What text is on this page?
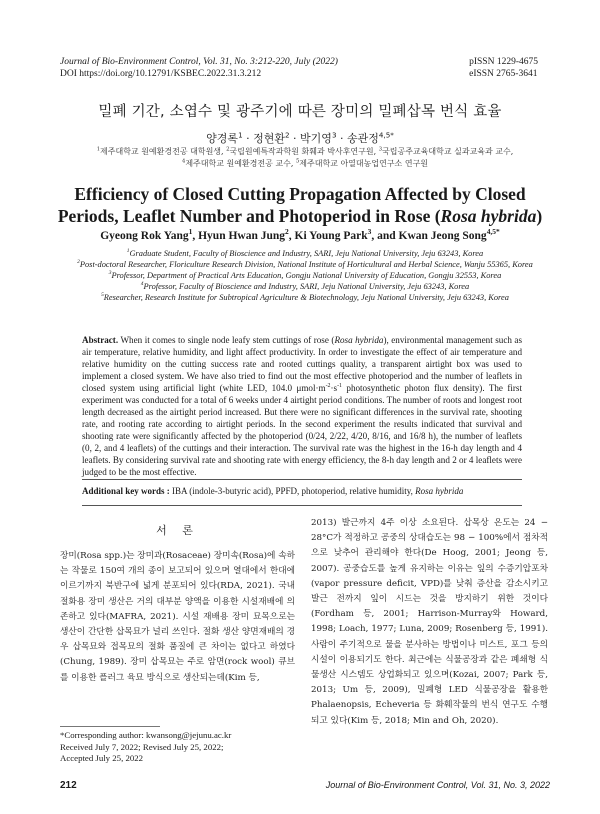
Journal of Bio-Environment Control, Vol. 31, No. 3:212-220, July (2022)
DOI https://doi.org/10.12791/KSBEC.2022.31.3.212
pISSN 1229-4675
eISSN 2765-3641
밀폐 기간, 소엽수 및 광주기에 따른 장미의 밀폐삽목 번식 효율
양경록$^1$ · 정현환$^2$ · 박기영$^3$ · 송관정$^{4,5*}$
$^1$제주대학교 원예환경전공 대학원생, $^2$국립원예특작과학원 화훼과 박사후연구원, $^3$국립공주교육대학교 실과교육과 교수,
$^4$제주대학교 원예환경전공 교수, $^5$제주대학교 아열대농업연구소 연구원
Efficiency of Closed Cutting Propagation Affected by Closed Periods, Leaflet Number and Photoperiod in Rose (Rosa hybrida)
Gyeong Rok Yang$^1$, Hyun Hwan Jung$^2$, Ki Young Park$^3$, and Kwan Jeong Song$^{4,5*}$
$^1$Graduate Student, Faculty of Bioscience and Industry, SARI, Jeju National University, Jeju 63243, Korea
$^2$Post-doctoral Researcher, Floriculture Research Division, National Institute of Horticultural and Herbal Science, Wanju 55365, Korea
$^3$Professor, Department of Practical Arts Education, Gongju National University of Education, Gongju 32553, Korea
$^4$Professor, Faculty of Bioscience and Industry, SARI, Jeju National University, Jeju 63243, Korea
$^5$Researcher, Research Institute for Subtropical Agriculture & Biotechnology, Jeju National University, Jeju 63243, Korea
Abstract. When it comes to single node leafy stem cuttings of rose (Rosa hybrida), environmental management such as air temperature, relative humidity, and light affect productivity. In order to investigate the effect of air temperature and relative humidity on the cutting success rate and rooted cuttings quality, a transparent airtight box was used to implement a closed system. We have also tried to find out the most effective photoperiod and the number of leaflets in closed system using artificial light (white LED, 104.0 $\mu mol\cdot m^{-2}\cdot s^{-1}$ photosynthetic photon flux density). The first experiment was conducted for a total of 6 weeks under 4 airtight period conditions. The number of roots and longest root length decreased as the airtight period increased. But there were no significant differences in the survival rate, shooting rate, and rooting rate according to airtight periods. In the second experiment the results indicated that survival and shooting rate were significantly affected by the photoperiod (0/24, 2/22, 4/20, 8/16, and 16/8 h), the number of leaflets (0, 2, and 4 leaflets) of the cuttings and their interaction. The survival rate was the highest in the 16-h day length and 4 leaflets. By considering survival rate and shooting rate with energy efficiency, the 8-h day length and 2 or 4 leaflets were judged to be the most effective.
Additional key words : IBA (indole-3-butyric acid), PPFD, photoperiod, relative humidity, Rosa hybrida
서 론
장미(Rosa spp.)는 장미과(Rosaceae) 장미속(Rosa)에 속하는 작물로 150여 개의 종이 보고되어 있으며 열대에서 한대에 이르기까지 북반구에 넓게 분포되어 있다(RDA, 2021). 국내 절화용 장미 생산은 거의 대부분 양액을 이용한 시설재배에 의존하고 있다(MAFRA, 2021). 시설 재배용 장미 묘목으로는 생산이 간단한 삽목묘가 널리 쓰인다. 절화 생산 양면재배의 경우 삽목묘와 접목묘의 절화 품질에 큰 차이는 없다고 하였다(Chung, 1989). 장미 삽목묘는 주로 암면(rock wool) 큐브를 이용한 플러그 육묘 방식으로 생산되는데(Kim 등,
2013) 발근까지 4주 이상 소요된다. 삽목상 온도는 24 − 28°C가 적정하고 공중의 상대습도는 98 − 100%에서 점차적으로 낮추어 관리해야 한다(De Hoog, 2001; Jeong 등, 2007). 공중습도를 높게 유지하는 이유는 잎의 수증기압포차(vapor pressure deficit, VPD)를 낮춰 증산을 감소시키고 발근 전까지 잎이 시드는 것을 방지하기 위한 것이다(Fordham 등, 2001; Harrison-Murray와 Howard, 1998; Loach, 1977; Luna, 2009; Rosenberg 등, 1991). 사람이 주기적으로 물을 분사하는 방법이나 미스트, 포그 등의 시설이 이용되기도 한다. 최근에는 식물공장과 같은 폐쇄형 식물생산 시스템도 상업화되고 있으며(Kozai, 2007; Park 등, 2013; Um 등, 2009), 밀폐형 LED 식물공장을 활용한 Phalaenopsis, Echeveria 등 화훼작물의 번식 연구도 수행되고 있다(Kim 등, 2018; Min and Oh, 2020).
*Corresponding author: kwansong@jejunu.ac.kr
Received July 7, 2022; Revised July 25, 2022;
Accepted July 25, 2022
212	Journal of Bio-Environment Control, Vol. 31, No. 3, 2022
